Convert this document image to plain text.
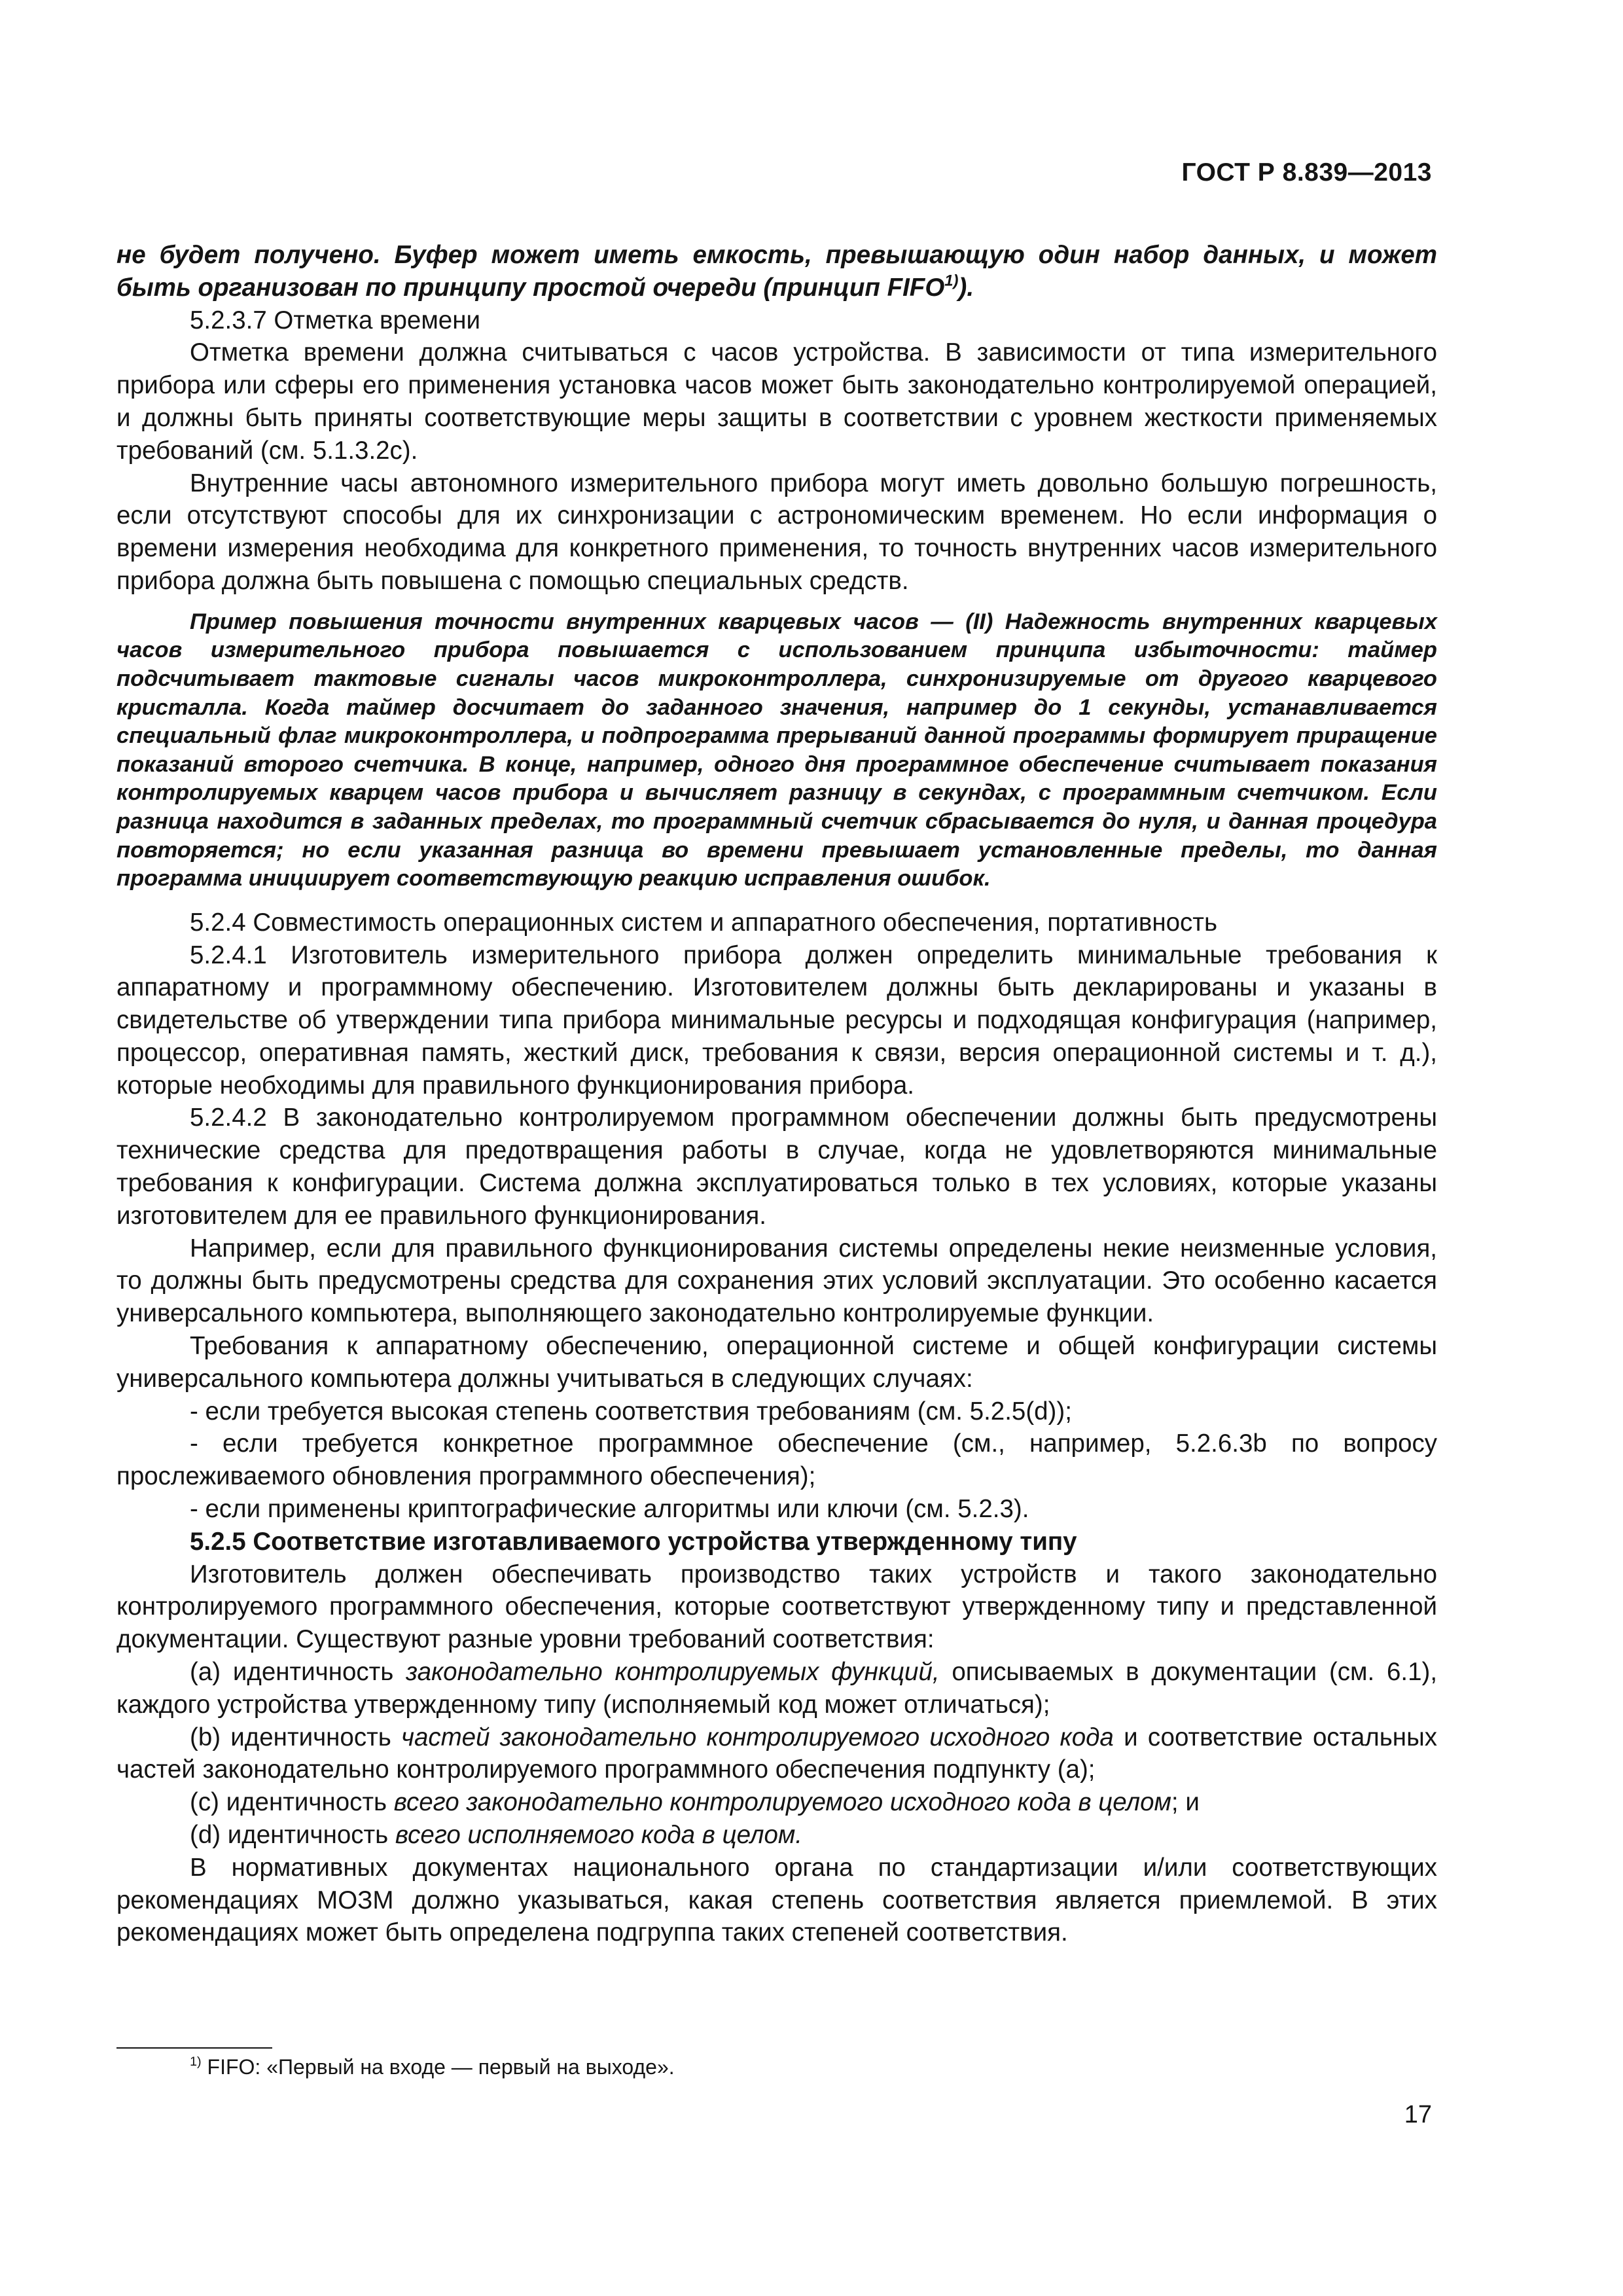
ГОСТ Р 8.839—2013

не будет получено. Буфер может иметь емкость, превышающую один набор данных, и может быть организован по принципу простой очереди (принцип FIFO$^{1)}$).

5.2.3.7 Отметка времени

Отметка времени должна считываться с часов устройства. В зависимости от типа измерительного прибора или сферы его применения установка часов может быть законодательно контролируемой операцией, и должны быть приняты соответствующие меры защиты в соответствии с уровнем жесткости применяемых требований (см. 5.1.3.2с).

Внутренние часы автономного измерительного прибора могут иметь довольно большую погрешность, если отсутствуют способы для их синхронизации с астрономическим временем. Но если информация о времени измерения необходима для конкретного применения, то точность внутренних часов измерительного прибора должна быть повышена с помощью специальных средств.

Пример повышения точности внутренних кварцевых часов — (II) Надежность внутренних кварцевых часов измерительного прибора повышается с использованием принципа избыточности: таймер подсчитывает тактовые сигналы часов микроконтроллера, синхронизируемые от другого кварцевого кристалла. Когда таймер досчитает до заданного значения, например до 1 секунды, устанавливается специальный флаг микроконтроллера, и подпрограмма прерываний данной программы формирует приращение показаний второго счетчика. В конце, например, одного дня программное обеспечение считывает показания контролируемых кварцем часов прибора и вычисляет разницу в секундах, с программным счетчиком. Если разница находится в заданных пределах, то программный счетчик сбрасывается до нуля, и данная процедура повторяется; но если указанная разница во времени превышает установленные пределы, то данная программа инициирует соответствующую реакцию исправления ошибок.

5.2.4 Совместимость операционных систем и аппаратного обеспечения, портативность

5.2.4.1 Изготовитель измерительного прибора должен определить минимальные требования к аппаратному и программному обеспечению. Изготовителем должны быть декларированы и указаны в свидетельстве об утверждении типа прибора минимальные ресурсы и подходящая конфигурация (например, процессор, оперативная память, жесткий диск, требования к связи, версия операционной системы и т. д.), которые необходимы для правильного функционирования прибора.

5.2.4.2 В законодательно контролируемом программном обеспечении должны быть предусмотрены технические средства для предотвращения работы в случае, когда не удовлетворяются минимальные требования к конфигурации. Система должна эксплуатироваться только в тех условиях, которые указаны изготовителем для ее правильного функционирования.

Например, если для правильного функционирования системы определены некие неизменные условия, то должны быть предусмотрены средства для сохранения этих условий эксплуатации. Это особенно касается универсального компьютера, выполняющего законодательно контролируемые функции.

Требования к аппаратному обеспечению, операционной системе и общей конфигурации системы универсального компьютера должны учитываться в следующих случаях:

- если требуется высокая степень соответствия требованиям (см. 5.2.5(d));

- если требуется конкретное программное обеспечение (см., например, 5.2.6.3b по вопросу прослеживаемого обновления программного обеспечения);

- если применены криптографические алгоритмы или ключи (см. 5.2.3).

5.2.5 Соответствие изготавливаемого устройства утвержденному типу

Изготовитель должен обеспечивать производство таких устройств и такого законодательно контролируемого программного обеспечения, которые соответствуют утвержденному типу и представленной документации. Существуют разные уровни требований соответствия:

(а) идентичность законодательно контролируемых функций, описываемых в документации (см. 6.1), каждого устройства утвержденному типу (исполняемый код может отличаться);

(b) идентичность частей законодательно контролируемого исходного кода и соответствие остальных частей законодательно контролируемого программного обеспечения подпункту (а);

(с) идентичность всего законодательно контролируемого исходного кода в целом; и

(d) идентичность всего исполняемого кода в целом.

В нормативных документах национального органа по стандартизации и/или соответствующих рекомендациях МОЗМ должно указываться, какая степень соответствия является приемлемой. В этих рекомендациях может быть определена подгруппа таких степеней соответствия.

$^{1)}$ FIFO: «Первый на входе — первый на выходе».
17
